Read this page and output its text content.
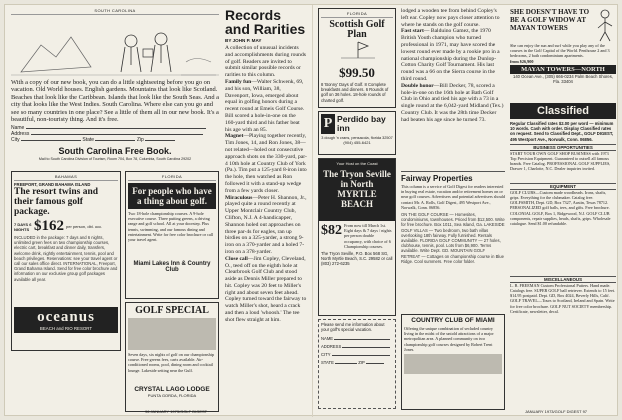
SOUTH CAROLINA
With a copy of our new book, you can do a little sightseeing before you go on vacation. Old World houses. English gardens. Mountains that look like Scotland. Beaches that look like the Caribbean. Islands that look like the South Seas. And a city that looks like the West Indies. South Carolina. Where else can you go and see so many countries in one place? See a little of them all in our new book. It's a beautiful, non-touristy thing. And it's free.
Name
Address
City	State	Zip
South Carolina Free Book.
Mail to South Carolina Division of Tourism, Room 704, Box 78, Columbia, South Carolina 29202
BAHAMAS
FREEPORT, GRAND BAHAMA ISLAND
The resort twins and their famous golf package.
7 DAYS 6 NIGHTS $162 per person, dbl. occ.
INCLUDED in the package: 7 days and 6 nights, unlimited green fees on two championship courses, electric cart, breakfast and dinner daily, transfers, welcome drink, nightly entertainment, tennis, pool and beach privileges. Reservations: see your travel agent or call our sales office direct. INTERNATIONAL, Freeport, Grand Bahama Island. Send for free color brochure and information on our exclusive group golf packages available all year.
oceanus
BEACH and RIO RESORT
FLORIDA
For people who have a thing about golf.
Two 18-hole championship courses. A 9-hole executive course. Three putting greens, a driving range and golf school. All at your doorstep. Plus tennis, swimming, and our famous dining and entertainment. Write for free color brochure or call your travel agent.
Miami Lakes Inn & Country Club
GOLF SPECIAL
Seven days, six nights of golf on our championship course. Free greens fees, carts available. Air-conditioned rooms, pool, dining room and cocktail lounge. Lakeside setting near the Gulf.
CRYSTAL LAGO LODGE
PUNTA GORDA, FLORIDA
Records and Rarities
BY JOHN P. MAY
A collection of unusual incidents and accomplishments during rounds of golf. Readers are invited to submit similar possible records or rarities to this column.
Family fun—Walter Schwenk, 69, and his son, William, 38, Davenport, Iowa, emerged about equal in golfing honors during a recent round at Emeis Golf Course. Bill scored a hole-in-one on the 160-yard third and his father beat his age with an 85.
Magnet—Playing together recently, Tim Jones, 14, and Ron Jones, 38—not related—holed out consecutive approach shots on the 330-yard, par-4 10th hole at Country Club of York (Pa.). Tim put a 125-yard 8-iron into the hole, then watched as Ron followed it with a stand-up wedge from a few yards closer.
Miraculous—Peter H. Shannon, Jr., played quite a round recently at Upper Montclair Country Club, Clifton, N.J. A 4-handicapper, Shannon holed out approaches on three par-4s for eagles, ran up birdies on a 325-yarder, a strong 9-iron on a 370-yarder and a holed 7-iron on a 378-yarder.
Close call—Jim Copley, Cleveland, O., teed off on the eighth hole at Clearbrook Golf Club and stood aside as Dennis Miller prepared to hit. Copley was 20 feet to Miller's right and about seven feet ahead. Copley turned toward the fairway to watch Miller's shot, heard a crack and then a loud 'whoosh.' The tee shot flew straight at him.
96 JANUARY 1973/GOLF DIGEST
FLORIDA
Scottish Golf Plan
$99.50
8 'Bonny' Days of Golf. 8 Complete breakfasts and dinners. 6 Rounds of golf on 36 holes. 18-hole rounds of charted golf.
P Perdido bay inn
3 dough 'n crans, pensacola, florida 32507
(904) 455-6421
Your Host on the Coast
The Tryon Seville in North MYRTLE BEACH
$82 From now till March 1st. Eight days & 7 days / nights per person double occupancy, with choice of 6 Championship courses.
The Tryon Seville, P.O. Box 568 SG, North Myrtle Beach, S.C. 29582 or call (803) 272-6235
Please send me information about your golf's special vacation.
NAME
ADDRESS
CITY
STATE	ZIP
lodged a wooden tee from behind Copley's left ear. Copley now pays closer attention to where he stands on the golf course.
Fast start— Balduino Gamez, the 1970 British Youth champion who turned professional in 1971, may have scored the lowest round ever made by a rookie pro in a national championship during the Dunlop-Cotton Charity Golf Tournament. His last round was a 66 on the Sierra course in the third round.
Double honor—Bill Decker, 78, scored a hole-in-one on the 16th hole at Bath Golf Club in Ohio and tied his age with a 73 in a single round at the 6,042-yard Midland (Tex.) Country Club. It was the 28th time Decker had beaten his age since he turned 73.
Fairway Properties
This column is a service of Golf Digest for readers interested in buying real estate, vacation and/or retirement homes on or near golf courses. Advertisers and potential advertisers should contact Mr. A. Rolls, Golf Digest, 495 Westport Ave., Norwalk, Conn. 06856.
ON THE GOLF COURSE — Homesites, condominiums, townhouses. Priced from $12,500. Write for free brochure. Box 1011, Sea Island, Ga. LAKESIDE GOLF VILLAS — Two bedroom, two bath villas overlooking 18th fairway. Fully furnished. Rentals available. FLORIDA GOLF COMMUNITY — 27 holes, clubhouse, tennis, pool. Lots from $6,900. Terms available. Write Dept. GD. MOUNTAIN GOLF RETREAT — Cottages on championship course in Blue Ridge. Cool summers. Free color folder.
COUNTRY CLUB OF MIAMI
Offering the unique combination of secluded country living in the midst of the untold attractions of a major metropolitan area. A planned community on two championship golf courses designed by Robert Trent Jones.
SHE DOESN'T HAVE TO BE A GOLF WIDOW AT MAYAN TOWERS
She can enjoy the sun and surf while you play any of the courses in the Golf Capital of the World. Penthouse 2 and 3 bedrooms, 2 bath condominium apartments.
from $26,900
MAYAN TOWERS—NORTH
140 Ocean Ave., (305) 666-0234 Palm Beach Shores, Fla. 33404
Classified
Regular Classified rates $2.00 per word — minimum 10 words. Cash with order. Display Classified rates on request. Send to Classified Dept., GOLF DIGEST, 495 Westport Ave., Norwalk, Conn. 06856.
BUSINESS OPPORTUNITIES
START YOUR OWN GOLF SHOP BUSINESS with 1973 Top Precision Equipment. Guaranteed to outsell all famous brands. Free Catalog. PROFESSIONAL GOLF SUPPLIES, Drawer 1, Charlotte, N.C. Dealer inquiries invited.
EQUIPMENT
GOLF CLUBS—Custom made woodheads. Irons, shafts, grips. Everything for the clubmaker. Catalog free. GOLFSMITH, Dept. GD, Box 7327, Austin, Texas 78712. PERSONALIZED golf balls, tees, and gifts. Free brochure. COLONIAL GOLF, Box 1, Ridgewood, N.J. GOLF CLUB components, repair supplies, heads, shafts, grips. Wholesale catalogue. Send $1.00 refundable.
MISCELLANEOUS
L. B. FREEMAN Custom Professional Putters. Hand made. Catalogs free. SUPER GOLF ball retriever. Extends to 15 feet. $14.95 postpaid. Dept. GD, Box 4024, Beverly Hills, Calif. GOLF TRAVEL—Tours to Scotland, Ireland and Spain. Write for free color brochure. GOLF NUT SOCIETY membership. Certificate, newsletter, decal.
JANUARY 1973/GOLF DIGEST 97
